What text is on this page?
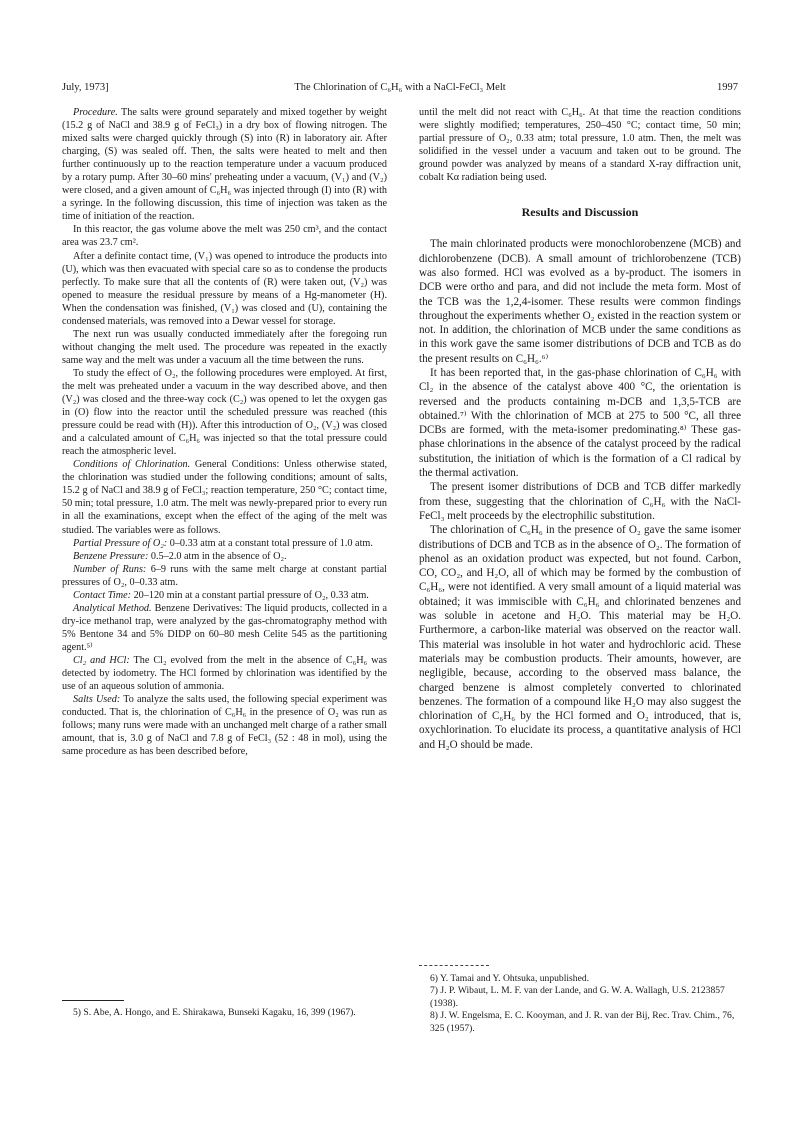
July, 1973]	The Chlorination of C₆H₆ with a NaCl-FeCl₃ Melt	1997

Procedure. The salts were ground separately and mixed together by weight (15.2 g of NaCl and 38.9 g of FeCl₃) in a dry box of flowing nitrogen. The mixed salts were charged quickly through (S) into (R) in laboratory air. After charging, (S) was sealed off. Then, the salts were heated to melt and then further continuously up to the reaction temperature under a vacuum produced by a rotary pump. After 30–60 mins' preheating under a vacuum, (V₁) and (V₂) were closed, and a given amount of C₆H₆ was injected through (I) into (R) with a syringe. In the following discussion, this time of injection was taken as the time of initiation of the reaction.

In this reactor, the gas volume above the melt was 250 cm³, and the contact area was 23.7 cm².

After a definite contact time, (V₁) was opened to introduce the products into (U), which was then evacuated with special care so as to condense the products perfectly. To make sure that all the contents of (R) were taken out, (V₂) was opened to measure the residual pressure by means of a Hg-manometer (H). When the condensation was finished, (V₁) was closed and (U), containing the condensed materials, was removed into a Dewar vessel for storage.

The next run was usually conducted immediately after the foregoing run without changing the melt used. The procedure was repeated in the exactly same way and the melt was under a vacuum all the time between the runs.

To study the effect of O₂, the following procedures were employed. At first, the melt was preheated under a vacuum in the way described above, and then (V₂) was closed and the three-way cock (C₂) was opened to let the oxygen gas in (O) flow into the reactor until the scheduled pressure was reached (this pressure could be read with (H)). After this introduction of O₂, (V₂) was closed and a calculated amount of C₆H₆ was injected so that the total pressure could reach the atmospheric level.

Conditions of Chlorination. General Conditions: Unless otherwise stated, the chlorination was studied under the following conditions; amount of salts, 15.2 g of NaCl and 38.9 g of FeCl₃; reaction temperature, 250 °C; contact time, 50 min; total pressure, 1.0 atm. The melt was newly-prepared prior to every run in all the examinations, except when the effect of the aging of the melt was studied. The variables were as follows.

Partial Pressure of O₂: 0–0.33 atm at a constant total pressure of 1.0 atm.

Benzene Pressure: 0.5–2.0 atm in the absence of O₂.

Number of Runs: 6–9 runs with the same melt charge at constant partial pressures of O₂, 0–0.33 atm.

Contact Time: 20–120 min at a constant partial pressure of O₂, 0.33 atm.

Analytical Method. Benzene Derivatives: The liquid products, collected in a dry-ice methanol trap, were analyzed by the gas-chromatography method with 5% Bentone 34 and 5% DIDP on 60–80 mesh Celite 545 as the partitioning agent.⁵⁾

Cl₂ and HCl: The Cl₂ evolved from the melt in the absence of C₆H₆ was detected by iodometry. The HCl formed by chlorination was identified by the use of an aqueous solution of ammonia.

Salts Used: To analyze the salts used, the following special experiment was conducted. That is, the chlorination of C₆H₆ in the presence of O₂ was run as follows; many runs were made with an unchanged melt charge of a rather small amount, that is, 3.0 g of NaCl and 7.8 g of FeCl₃ (52 : 48 in mol), using the same procedure as has been described before,

5) S. Abe, A. Hongo, and E. Shirakawa, Bunseki Kagaku, 16, 399 (1967).

until the melt did not react with C₆H₆. At that time the reaction conditions were slightly modified; temperatures, 250–450 °C; contact time, 50 min; partial pressure of O₂, 0.33 atm; total pressure, 1.0 atm. Then, the melt was solidified in the vessel under a vacuum and taken out to be ground. The ground powder was analyzed by means of a standard X-ray diffraction unit, cobalt Kα radiation being used.

Results and Discussion

The main chlorinated products were monochlorobenzene (MCB) and dichlorobenzene (DCB). A small amount of trichlorobenzene (TCB) was also formed. HCl was evolved as a by-product. The isomers in DCB were ortho and para, and did not include the meta form. Most of the TCB was the 1,2,4-isomer. These results were common findings throughout the experiments whether O₂ existed in the reaction system or not. In addition, the chlorination of MCB under the same conditions as in this work gave the same isomer distributions of DCB and TCB as do the present results on C₆H₆.⁶⁾

It has been reported that, in the gas-phase chlorination of C₆H₆ with Cl₂ in the absence of the catalyst above 400 °C, the orientation is reversed and the products containing m-DCB and 1,3,5-TCB are obtained.⁷⁾ With the chlorination of MCB at 275 to 500 °C, all three DCBs are formed, with the meta-isomer predominating.⁸⁾ These gas-phase chlorinations in the absence of the catalyst proceed by the radical substitution, the initiation of which is the formation of a Cl radical by the thermal activation.

The present isomer distributions of DCB and TCB differ markedly from these, suggesting that the chlorination of C₆H₆ with the NaCl-FeCl₃ melt proceeds by the electrophilic substitution.

The chlorination of C₆H₆ in the presence of O₂ gave the same isomer distributions of DCB and TCB as in the absence of O₂. The formation of phenol as an oxidation product was expected, but not found. Carbon, CO, CO₂, and H₂O, all of which may be formed by the combustion of C₆H₆, were not identified. A very small amount of a liquid material was obtained; it was immiscible with C₆H₆ and chlorinated benzenes and was soluble in acetone and H₂O. This material may be H₂O. Furthermore, a carbon-like material was observed on the reactor wall. This material was insoluble in hot water and hydrochloric acid. These materials may be combustion products. Their amounts, however, are negligible, because, according to the observed mass balance, the charged benzene is almost completely converted to chlorinated benzenes. The formation of a compound like H₂O may also suggest the chlorination of C₆H₆ by the HCl formed and O₂ introduced, that is, oxychlorination. To elucidate its process, a quantitative analysis of HCl and H₂O should be made.

6) Y. Tamai and Y. Ohtsuka, unpublished.

7) J. P. Wibaut, L. M. F. van der Lande, and G. W. A. Wallagh, U.S. 2123857 (1938).

8) J. W. Engelsma, E. C. Kooyman, and J. R. van der Bij, Rec. Trav. Chim., 76, 325 (1957).
